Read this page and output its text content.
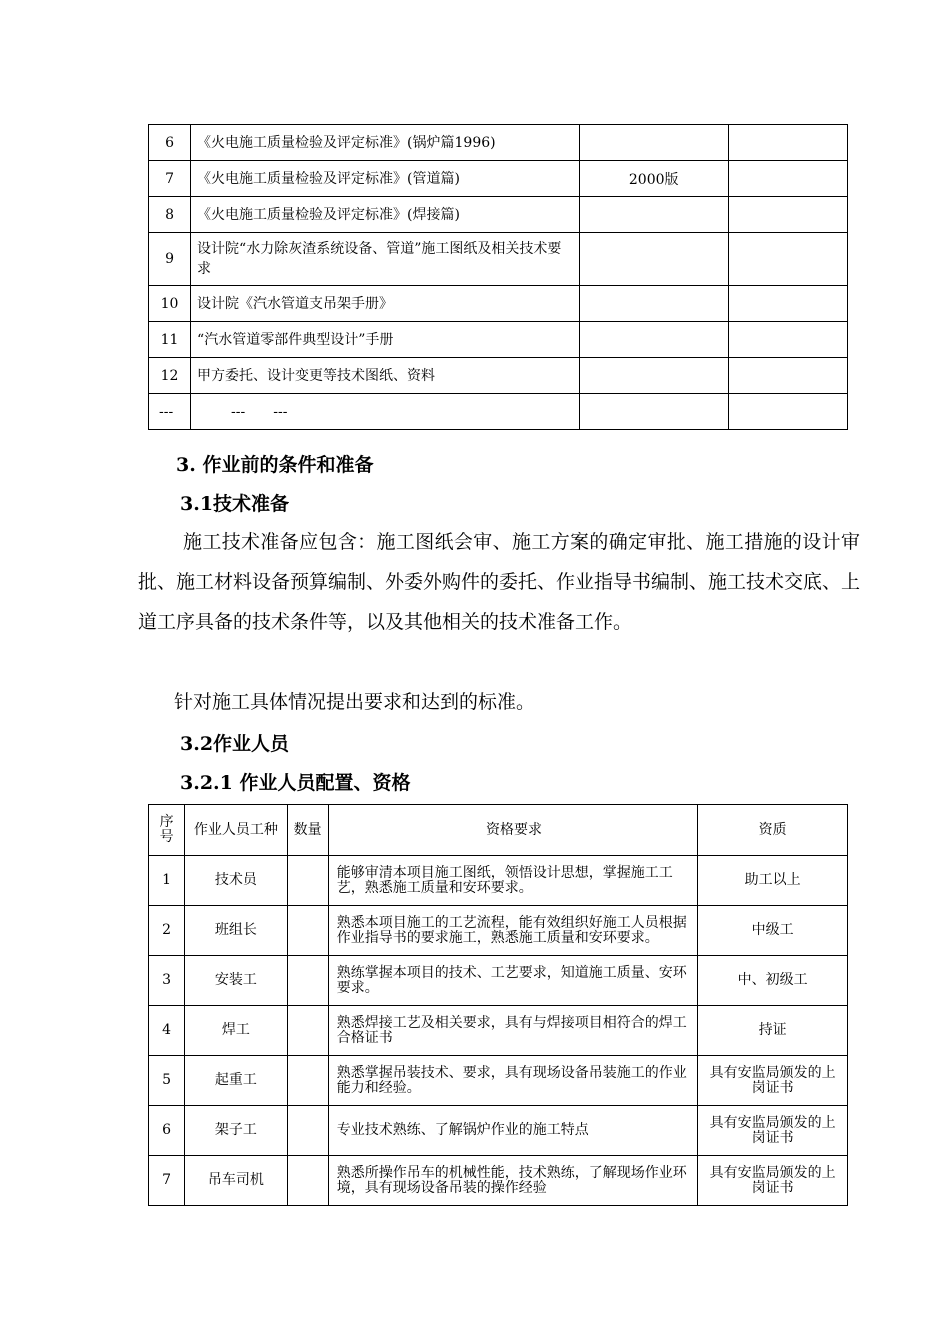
6	《火电施工质量检验及评定标准》(锅炉篇1996)		
7	《火电施工质量检验及评定标准》(管道篇)	2000版	
8	《火电施工质量检验及评定标准》(焊接篇)		
9	设计院“水力除灰渣系统设备、管道”施工图纸及相关技术要求		
10	设计院《汽水管道支吊架手册》		
11	“汽水管道零部件典型设计”手册		
12	甲方委托、设计变更等技术图纸、资料		
---	---　　---		
3. 作业前的条件和准备
3.1技术准备
施工技术准备应包含：施工图纸会审、施工方案的确定审批、施工措施的设计审批、施工材料设备预算编制、外委外购件的委托、作业指导书编制、施工技术交底、上道工序具备的技术条件等，以及其他相关的技术准备工作。
针对施工具体情况提出要求和达到的标准。
3.2作业人员
3.2.1 作业人员配置、资格
序号	作业人员工种	数量	资格要求	资质
1	技术员		能够审清本项目施工图纸，领悟设计思想，掌握施工工艺，熟悉施工质量和安环要求。	助工以上
2	班组长		熟悉本项目施工的工艺流程，能有效组织好施工人员根据作业指导书的要求施工，熟悉施工质量和安环要求。	中级工
3	安装工		熟练掌握本项目的技术、工艺要求，知道施工质量、安环要求。	中、初级工
4	焊工		熟悉焊接工艺及相关要求，具有与焊接项目相符合的焊工合格证书	持证
5	起重工		熟悉掌握吊装技术、要求，具有现场设备吊装施工的作业能力和经验。	具有安监局颁发的上岗证书
6	架子工		专业技术熟练、了解锅炉作业的施工特点	具有安监局颁发的上岗证书
7	吊车司机		熟悉所操作吊车的机械性能，技术熟练，了解现场作业环境，具有现场设备吊装的操作经验	具有安监局颁发的上岗证书
